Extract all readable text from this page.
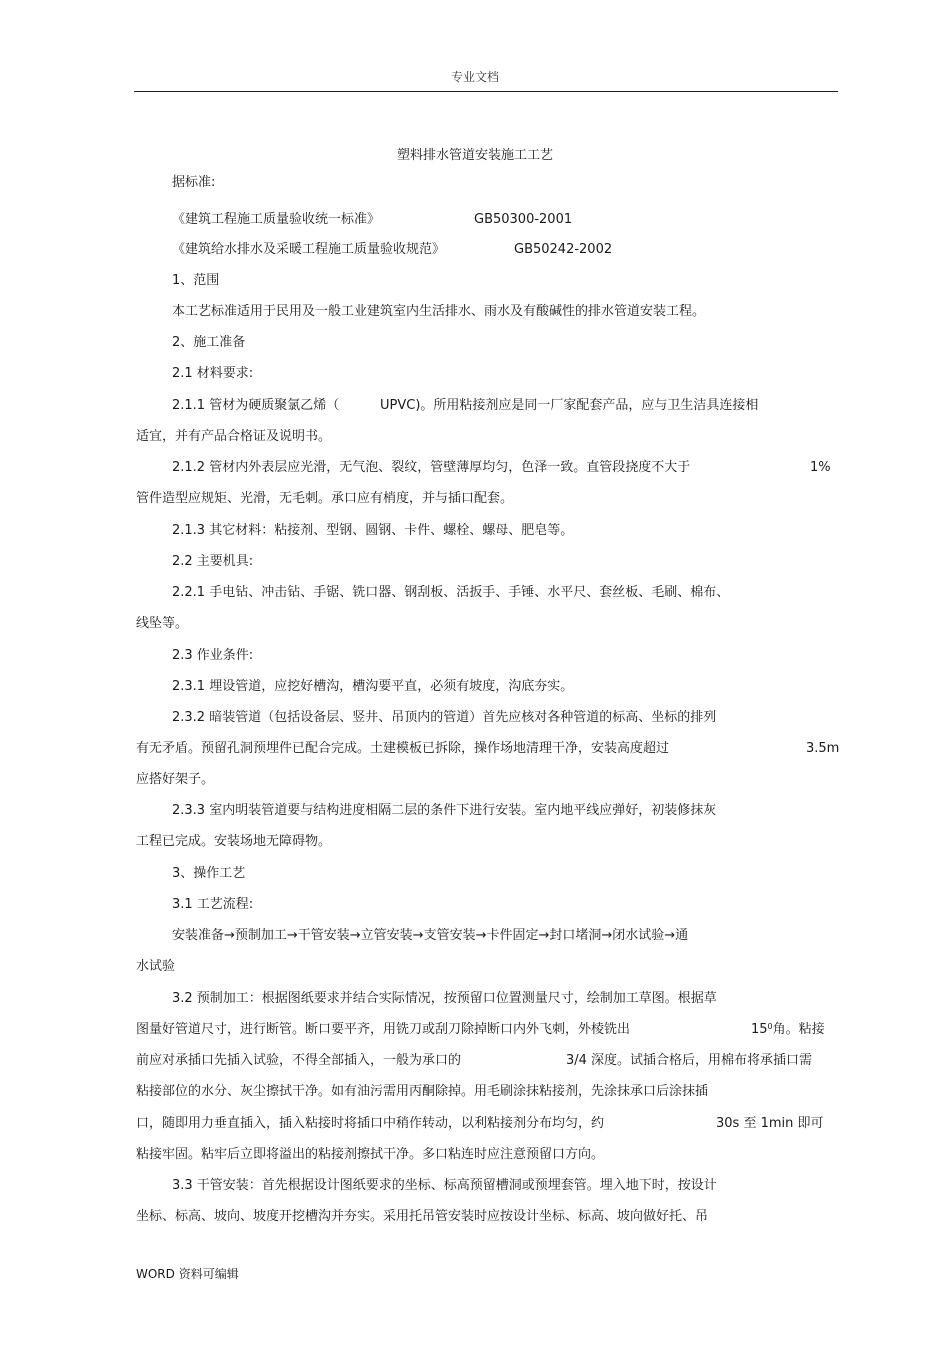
专业文档
塑料排水管道安装施工工艺
据标准:
《建筑工程施工质量验收统一标准》	GB50300-2001
《建筑给水排水及采暖工程施工质量验收规范》	GB50242-2002
1、范围
本工艺标准适用于民用及一般工业建筑室内生活排水、雨水及有酸碱性的排水管道安装工程。
2、施工准备
2.1 材料要求:
2.1.1 管材为硬质聚氯乙烯（	UPVC)。所用粘接剂应是同一厂家配套产品，应与卫生洁具连接相
适宜，并有产品合格证及说明书。
2.1.2 管材内外表层应光滑，无气泡、裂纹，管壁薄厚均匀，色泽一致。直管段挠度不大于	1%
管件造型应规矩、光滑，无毛刺。承口应有梢度，并与插口配套。
2.1.3 其它材料：粘接剂、型钢、圆钢、卡件、螺栓、螺母、肥皂等。
2.2 主要机具:
2.2.1 手电钻、冲击钻、手锯、铣口器、钢刮板、活扳手、手锤、水平尺、套丝板、毛刷、棉布、
线坠等。
2.3 作业条件:
2.3.1 埋设管道，应挖好槽沟，槽沟要平直，必须有坡度，沟底夯实。
2.3.2 暗装管道（包括设备层、竖井、吊顶内的管道）首先应核对各种管道的标高、坐标的排列
有无矛盾。预留孔洞预埋件已配合完成。土建模板已拆除，操作场地清理干净，安装高度超过	3.5m
应搭好架子。
2.3.3 室内明装管道要与结构进度相隔二层的条件下进行安装。室内地平线应弹好，初装修抹灰
工程已完成。安装场地无障碍物。
3、操作工艺
3.1 工艺流程:
安装准备→预制加工→干管安装→立管安装→支管安装→卡件固定→封口堵洞→闭水试验→通
水试验
3.2 预制加工：根据图纸要求并结合实际情况，按预留口位置测量尺寸，绘制加工草图。根据草
图量好管道尺寸，进行断管。断口要平齐，用铣刀或刮刀除掉断口内外飞刺，外棱铣出	$15^0$角。粘接
前应对承插口先插入试验，不得全部插入，一般为承口的	3/4 深度。试插合格后，用棉布将承插口需
粘接部位的水分、灰尘擦拭干净。如有油污需用丙酮除掉。用毛刷涂抹粘接剂，先涂抹承口后涂抹插
口，随即用力垂直插入，插入粘接时将插口中稍作转动，以利粘接剂分布均匀，约	30s 至 1min 即可
粘接牢固。粘牢后立即将溢出的粘接剂擦拭干净。多口粘连时应注意预留口方向。
3.3 干管安装：首先根据设计图纸要求的坐标、标高预留槽洞或预埋套管。埋入地下时，按设计
坐标、标高、坡向、坡度开挖槽沟并夯实。采用托吊管安装时应按设计坐标、标高、坡向做好托、吊
WORD 资料可编辑
